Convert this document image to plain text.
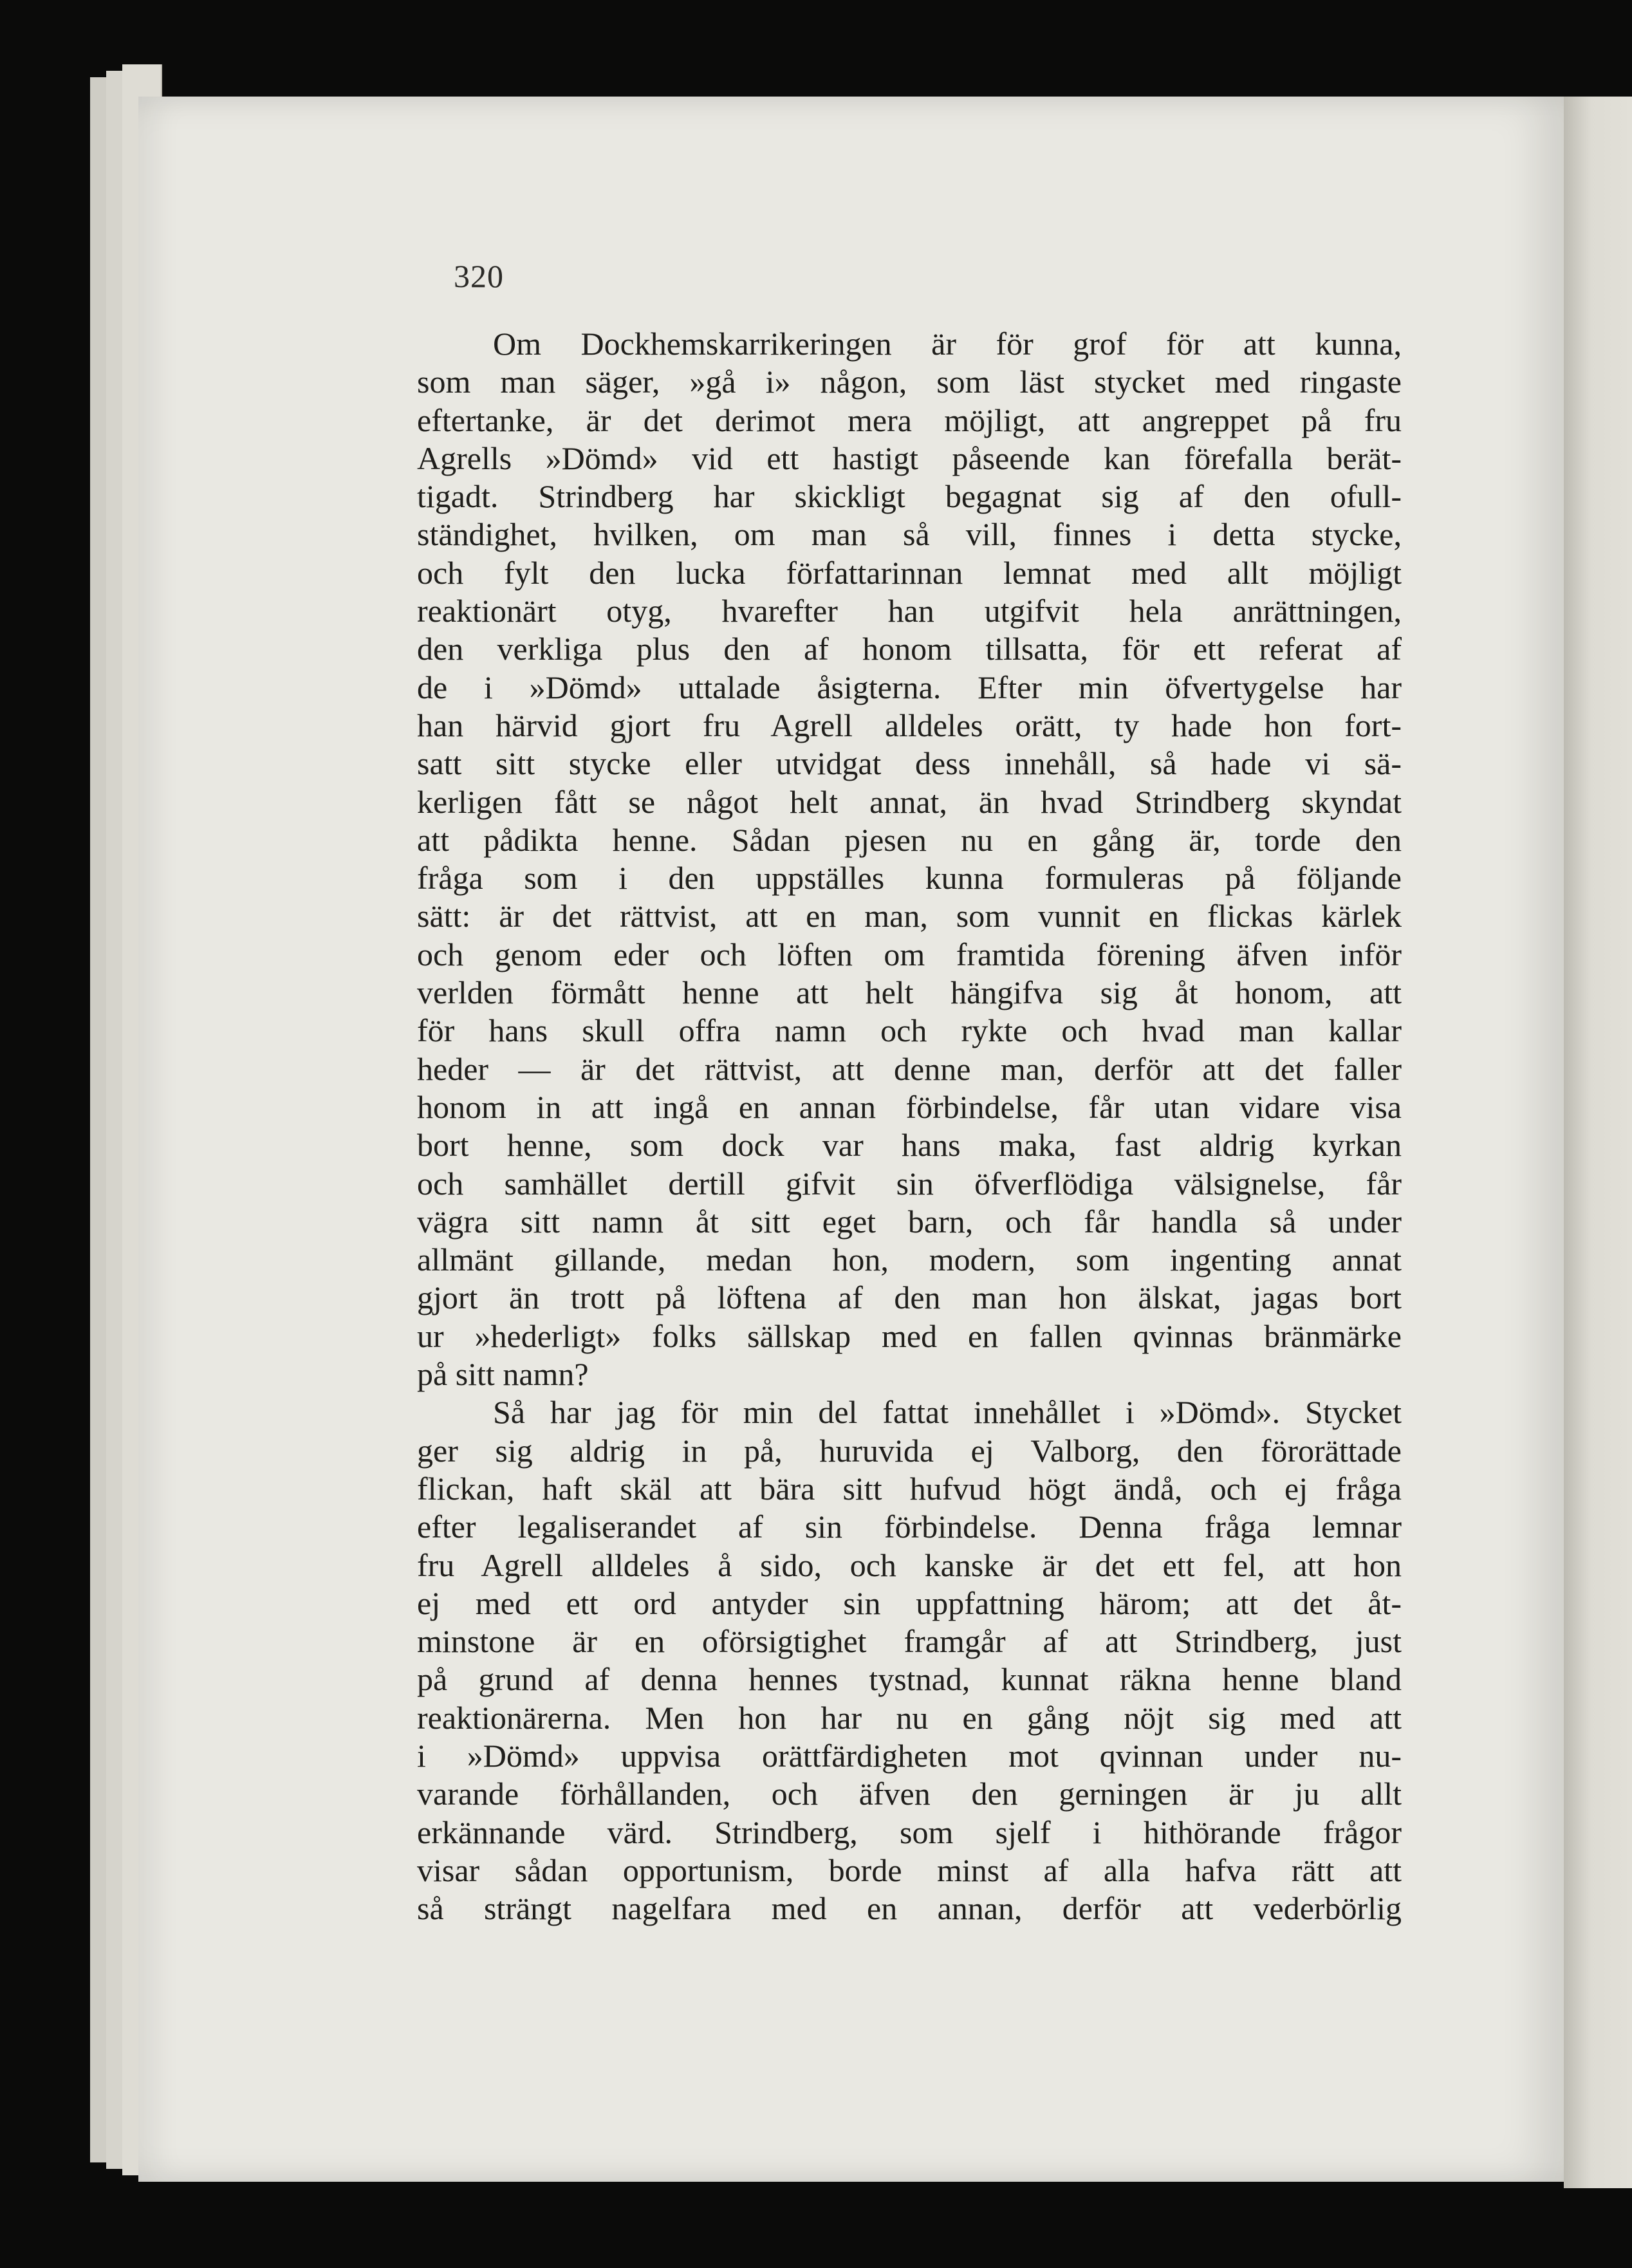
320
Om Dockhemskarrikeringen är för grof för att kunna,
som man säger, »gå i» någon, som läst stycket med ringaste
eftertanke, är det derimot mera möjligt, att angreppet på fru
Agrells »Dömd» vid ett hastigt påseende kan förefalla berät-
tigadt. Strindberg har skickligt begagnat sig af den ofull-
ständighet, hvilken, om man så vill, finnes i detta stycke,
och fylt den lucka författarinnan lemnat med allt möjligt
reaktionärt otyg, hvarefter han utgifvit hela anrättningen,
den verkliga plus den af honom tillsatta, för ett referat af
de i »Dömd» uttalade åsigterna. Efter min öfvertygelse har
han härvid gjort fru Agrell alldeles orätt, ty hade hon fort-
satt sitt stycke eller utvidgat dess innehåll, så hade vi sä-
kerligen fått se något helt annat, än hvad Strindberg skyndat
att pådikta henne. Sådan pjesen nu en gång är, torde den
fråga som i den uppställes kunna formuleras på följande
sätt: är det rättvist, att en man, som vunnit en flickas kärlek
och genom eder och löften om framtida förening äfven inför
verlden förmått henne att helt hängifva sig åt honom, att
för hans skull offra namn och rykte och hvad man kallar
heder — är det rättvist, att denne man, derför att det faller
honom in att ingå en annan förbindelse, får utan vidare visa
bort henne, som dock var hans maka, fast aldrig kyrkan
och samhället dertill gifvit sin öfverflödiga välsignelse, får
vägra sitt namn åt sitt eget barn, och får handla så under
allmänt gillande, medan hon, modern, som ingenting annat
gjort än trott på löftena af den man hon älskat, jagas bort
ur »hederligt» folks sällskap med en fallen qvinnas bränmärke
på sitt namn?
Så har jag för min del fattat innehållet i »Dömd». Stycket
ger sig aldrig in på, huruvida ej Valborg, den förorättade
flickan, haft skäl att bära sitt hufvud högt ändå, och ej fråga
efter legaliserandet af sin förbindelse. Denna fråga lemnar
fru Agrell alldeles å sido, och kanske är det ett fel, att hon
ej med ett ord antyder sin uppfattning härom; att det åt-
minstone är en oförsigtighet framgår af att Strindberg, just
på grund af denna hennes tystnad, kunnat räkna henne bland
reaktionärerna. Men hon har nu en gång nöjt sig med att
i »Dömd» uppvisa orättfärdigheten mot qvinnan under nu-
varande förhållanden, och äfven den gerningen är ju allt
erkännande värd. Strindberg, som sjelf i hithörande frågor
visar sådan opportunism, borde minst af alla hafva rätt att
så strängt nagelfara med en annan, derför att vederbörlig
